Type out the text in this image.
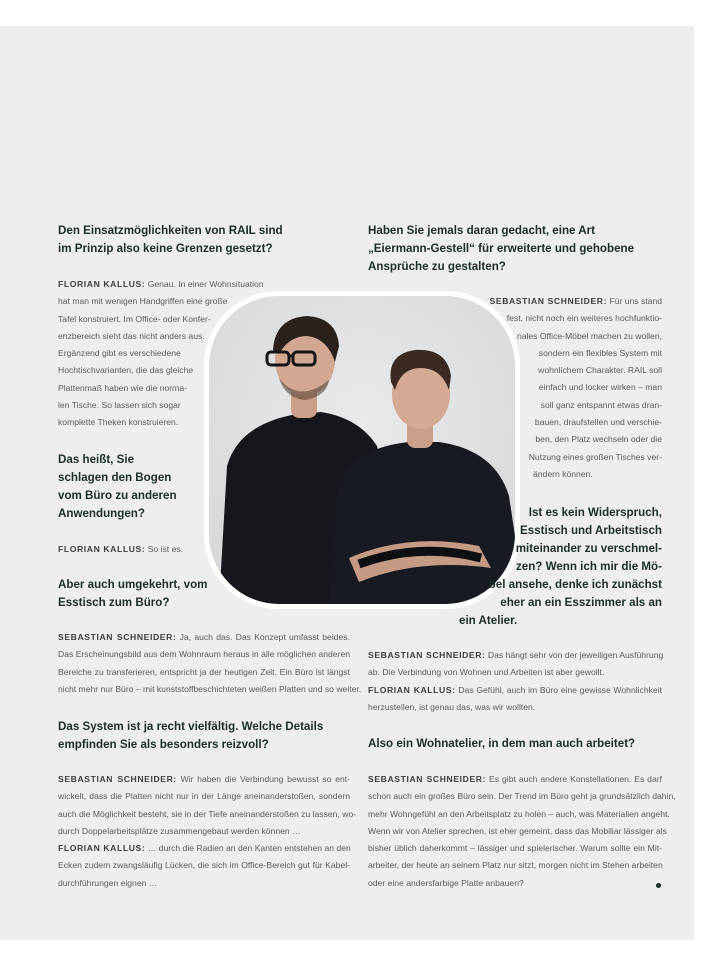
Den Einsatzmöglichkeiten von RAIL sind
im Prinzip also keine Grenzen gesetzt?
FLORIAN KALLUS: Genau. In einer Wohnsituation
hat man mit wenigen Handgriffen eine große
Tafel konstruiert. Im Office- oder Konfer-
enzbereich sieht das nicht anders aus.
Ergänzend gibt es verschiedene
Hochtischvarianten, die das gleiche
Plattenmaß haben wie die norma-
len Tische. So lassen sich sogar
komplette Theken konstruieren.
Das heißt, Sie
schlagen den Bogen
vom Büro zu anderen
Anwendungen?
FLORIAN KALLUS: So ist es.
Aber auch umgekehrt, vom
Esstisch zum Büro?
SEBASTIAN SCHNEIDER: Ja, auch das. Das Konzept umfasst beides.
Das Erscheinungsbild aus dem Wohnraum heraus in alle möglichen anderen
Bereiche zu transferieren, entspricht ja der heutigen Zeit. Ein Büro ist längst
nicht mehr nur Büro – mit kunststoffbeschichteten weißen Platten und so weiter.
Das System ist ja recht vielfältig. Welche Details
empfinden Sie als besonders reizvoll?
SEBASTIAN SCHNEIDER: Wir haben die Verbindung bewusst so ent-
wickelt, dass die Platten nicht nur in der Länge aneinanderstoßen, sondern
auch die Möglichkeit besteht, sie in der Tiefe aneinanderstoßen zu lassen, wo-
durch Doppelarbeitsplätze zusammengebaut werden können …
FLORIAN KALLUS: … durch die Radien an den Kanten entstehen an den
Ecken zudem zwangsläufig Lücken, die sich im Office-Bereich gut für Kabel-
durchführungen eignen …
Haben Sie jemals daran gedacht, eine Art
„Eiermann-Gestell“ für erweiterte und gehobene
Ansprüche zu gestalten?
SEBASTIAN SCHNEIDER: Für uns stand
fest, nicht noch ein weiteres hochfunktio-
nales Office-Möbel machen zu wollen,
sondern ein flexibles System mit
wohnlichem Charakter. RAIL soll
einfach und locker wirken – man
soll ganz entspannt etwas dran-
bauen, draufstellen und verschie-
ben, den Platz wechseln oder die
Nutzung eines großen Tisches ver-
ändern können.
Ist es kein Widerspruch,
Esstisch und Arbeitstisch
miteinander zu verschmel-
zen? Wenn ich mir die Mö-
bel ansehe, denke ich zunächst
eher an ein Esszimmer als an
ein Atelier.
SEBASTIAN SCHNEIDER: Das hängt sehr von der jeweiligen Ausführung
ab. Die Verbindung von Wohnen und Arbeiten ist aber gewollt.
FLORIAN KALLUS: Das Gefühl, auch im Büro eine gewisse Wohnlichkeit
herzustellen, ist genau das, was wir wollten.
Also ein Wohnatelier, in dem man auch arbeitet?
SEBASTIAN SCHNEIDER: Es gibt auch andere Konstellationen. Es darf
schon auch ein großes Büro sein. Der Trend im Büro geht ja grundsätzlich dahin,
mehr Wohngefühl an den Arbeitsplatz zu holen – auch, was Materialien angeht.
Wenn wir von Atelier sprechen, ist eher gemeint, dass das Mobiliar lässiger als
bisher üblich daherkommt – lässiger und spielerischer. Warum sollte ein Mit-
arbeiter, der heute an seinem Platz nur sitzt, morgen nicht im Stehen arbeiten
oder eine andersfarbige Platte anbauen?
